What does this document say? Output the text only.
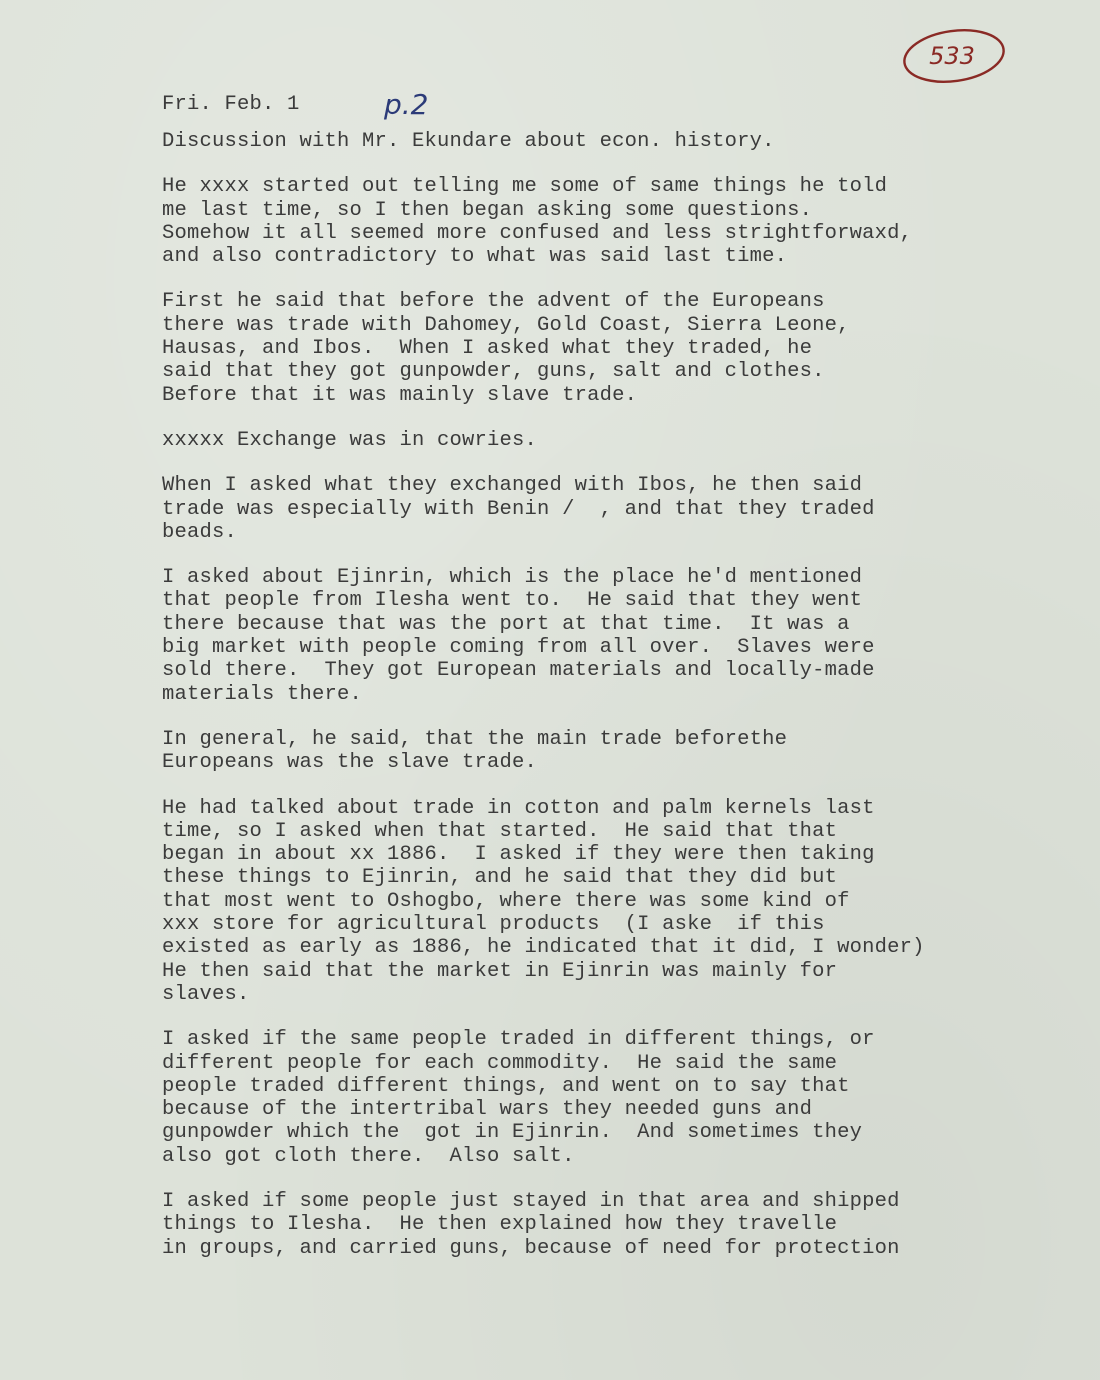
533
Fri. Feb. 1	p.2
Discussion with Mr. Ekundare about econ. history.
He xxxx started out telling me some of same things he told
me last time, so I then began asking some questions.
Somehow it all seemed more confused and less strightforwaxd,
and also contradictory to what was said last time.
First he said that before the advent of the Europeans
there was trade with Dahomey, Gold Coast, Sierra Leone,
Hausas, and Ibos.  When I asked what they traded, he
said that they got gunpowder, guns, salt and clothes.
Before that it was mainly slave trade.
xxxxx Exchange was in cowries.
When I asked what they exchanged with Ibos, he then said
trade was especially with Benin /  , and that they traded
beads.
I asked about Ejinrin, which is the place he'd mentioned
that people from Ilesha went to.  He said that they went
there because that was the port at that time.  It was a
big market with people coming from all over.  Slaves were
sold there.  They got European materials and locally-made
materials there.
In general, he said, that the main trade beforethe
Europeans was the slave trade.
He had talked about trade in cotton and palm kernels last
time, so I asked when that started.  He said that that
began in about xx 1886.  I asked if they were then taking
these things to Ejinrin, and he said that they did but
that most went to Oshogbo, where there was some kind of
xxx store for agricultural products  (I aske  if this
existed as early as 1886, he indicated that it did, I wonder)
He then said that the market in Ejinrin was mainly for
slaves.
I asked if the same people traded in different things, or
different people for each commodity.  He said the same
people traded different things, and went on to say that
because of the intertribal wars they needed guns and
gunpowder which the  got in Ejinrin.  And sometimes they
also got cloth there.  Also salt.
I asked if some people just stayed in that area and shipped
things to Ilesha.  He then explained how they travelle
in groups, and carried guns, because of need for protection
